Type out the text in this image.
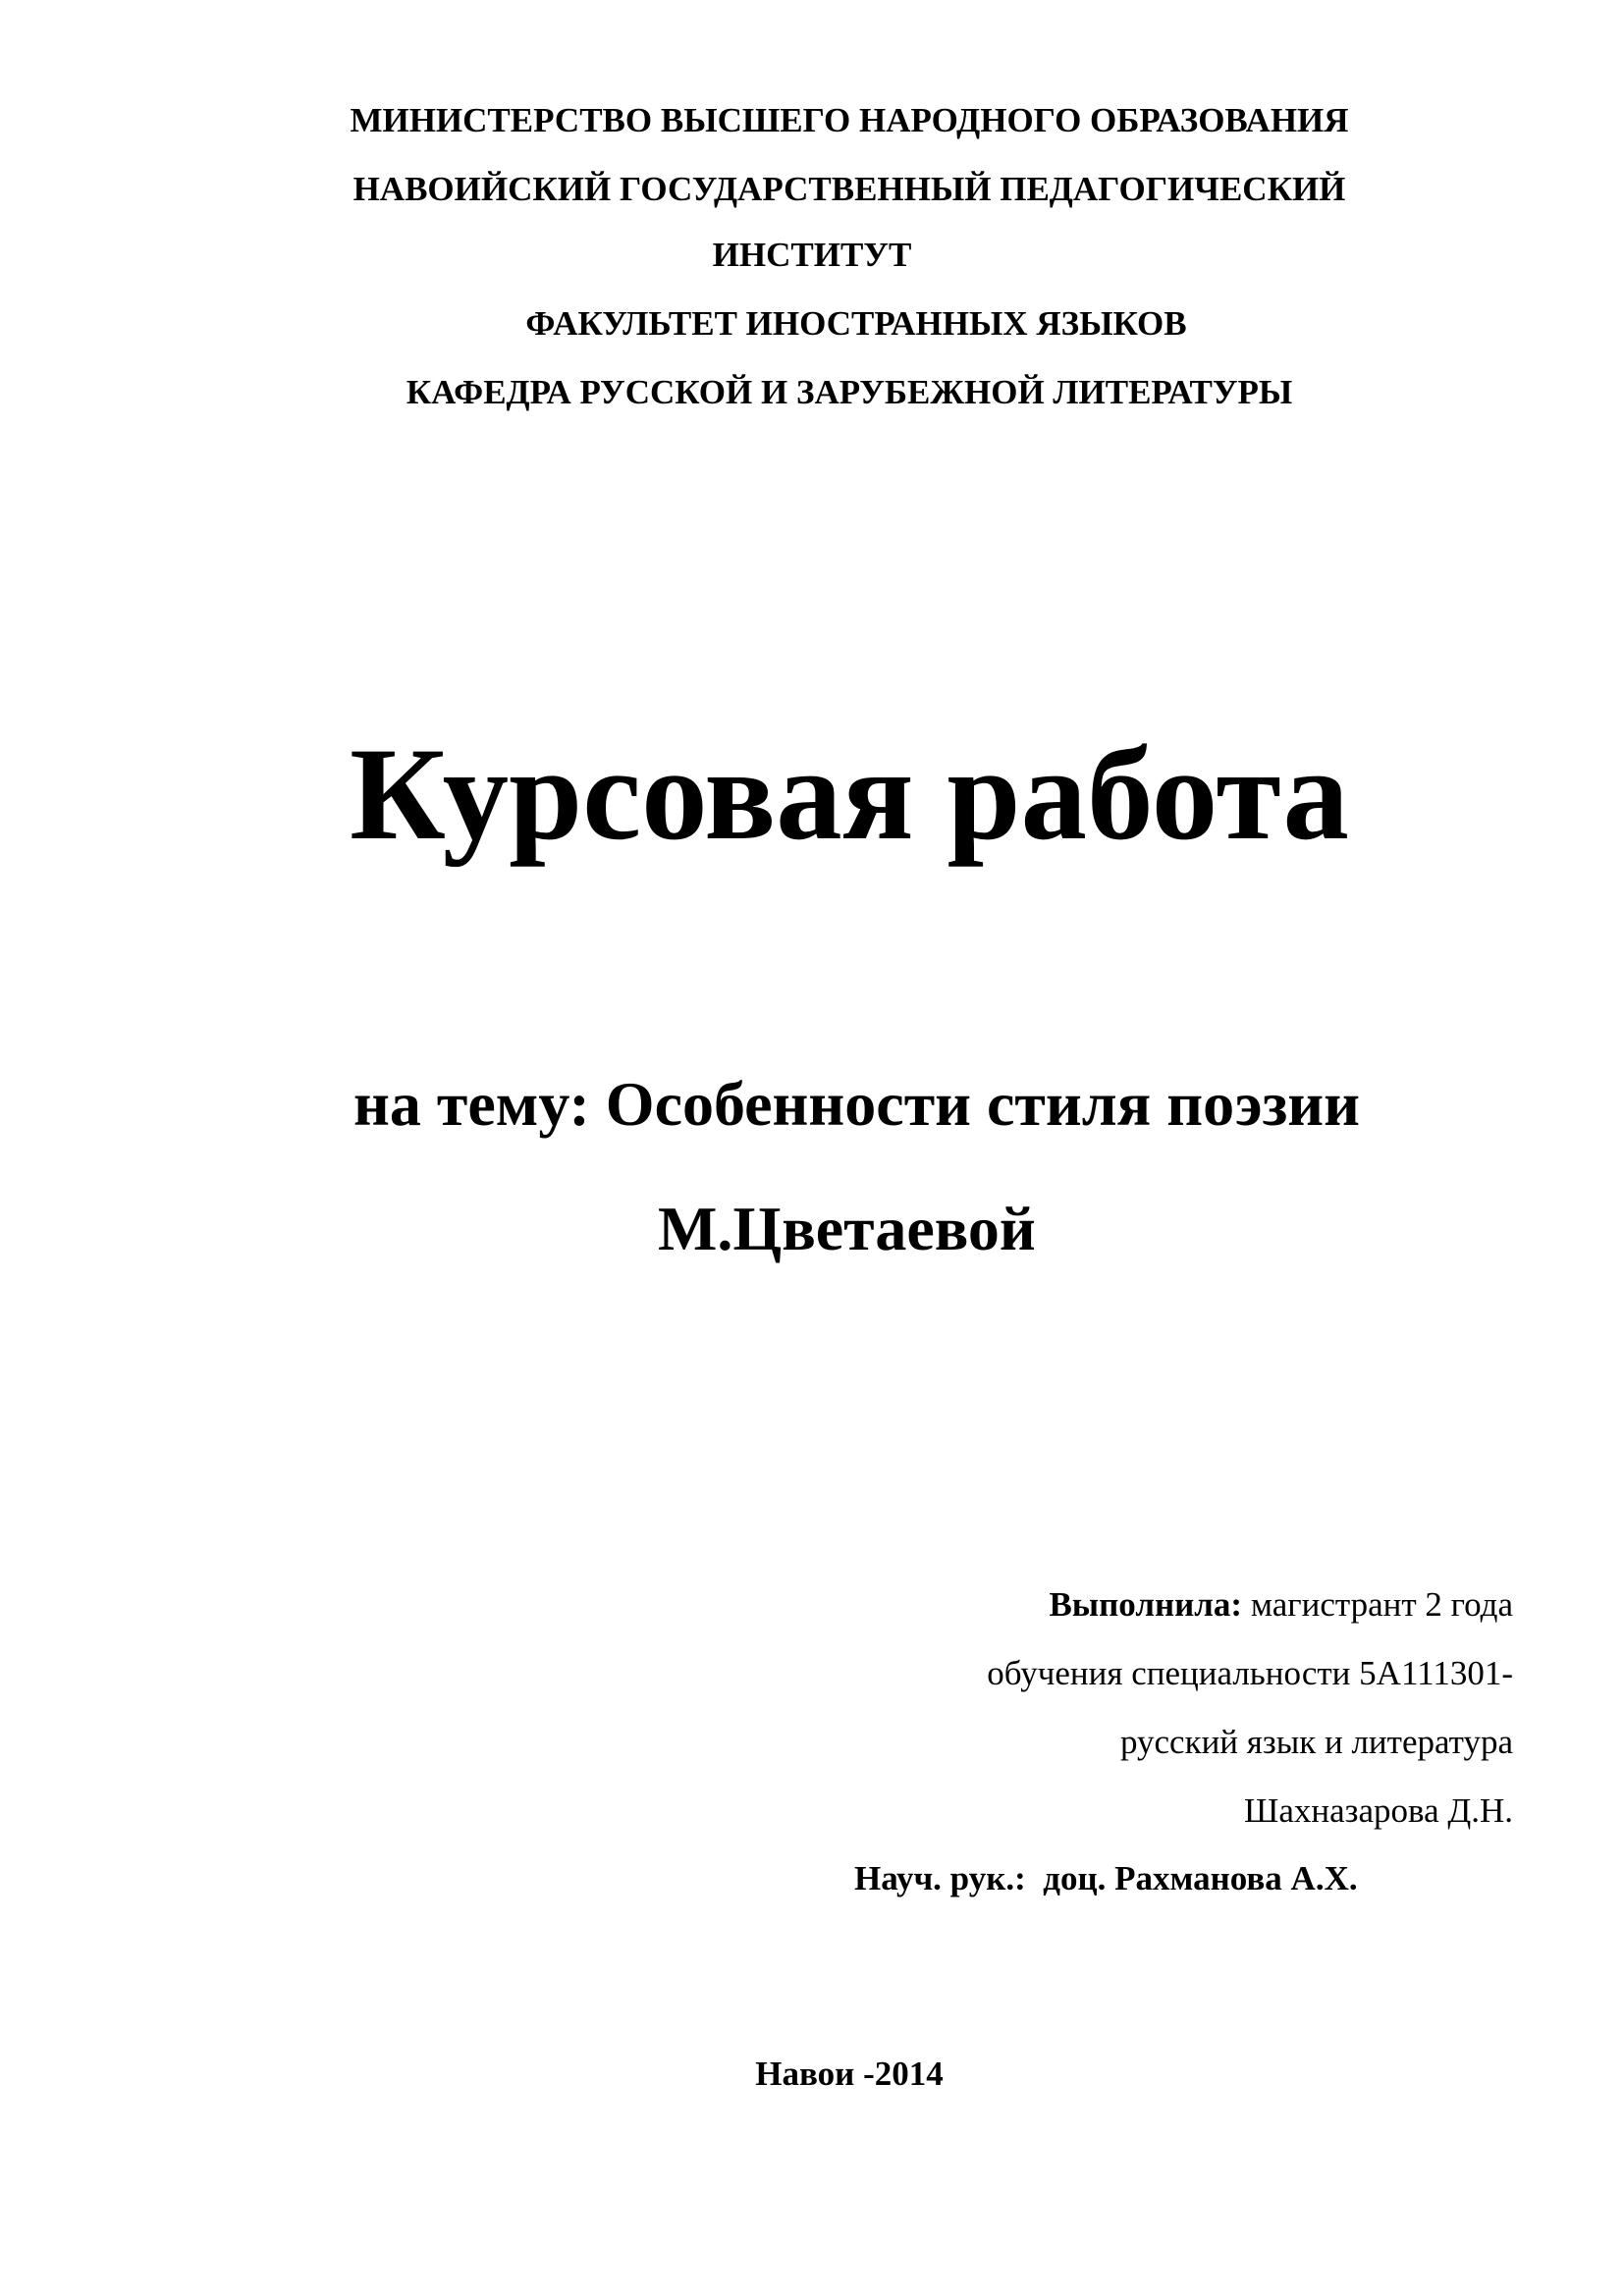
МИНИСТЕРСТВО ВЫСШЕГО НАРОДНОГО ОБРАЗОВАНИЯ
НАВОИЙСКИЙ ГОСУДАРСТВЕННЫЙ ПЕДАГОГИЧЕСКИЙ
ИНСТИТУТ
ФАКУЛЬТЕТ ИНОСТРАННЫХ ЯЗЫКОВ
КАФЕДРА РУССКОЙ И ЗАРУБЕЖНОЙ ЛИТЕРАТУРЫ
Курсовая работа
на тему: Особенности стиля поэзии
М.Цветаевой
Выполнила: магистрант 2 года
обучения специальности 5А111301-
русский язык и литература
Шахназарова Д.Н.
Науч. рук.:  доц. Рахманова А.Х.
Навои -2014
